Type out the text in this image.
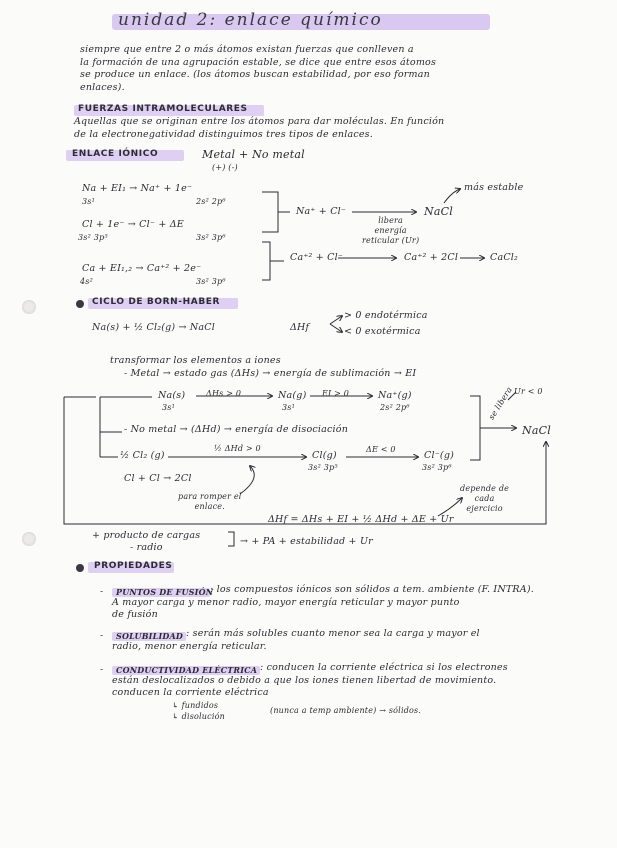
unidad 2: enlace químico
siempre que entre 2 o más átomos existan fuerzas que conlleven a
la formación de una agrupación estable, se dice que entre esos átomos
se produce un enlace. (los átomos buscan estabilidad, por eso forman
enlaces).
FUERZAS INTRAMOLECULARES
Aquellas que se originan entre los átomos para dar moléculas. En función
de la electronegatividad distinguimos tres tipos de enlaces.
ENLACE IÓNICO	Metal + No metal
(+) (-)
Na + EI₁ → Na⁺ + 1e⁻
3s¹	2s² 2p⁶
Cl + 1e⁻ → Cl⁻ + ΔE
3s² 3p⁵	3s² 3p⁶
Ca + EI₁,₂ → Ca⁺² + 2e⁻
4s²	3s² 3p⁶
Na⁺ + Cl⁻	NaCl
más estable
libera
energía
reticular (Ur)
Ca⁺² + Cl⁻	Ca⁺² + 2Cl	CaCl₂
CICLO DE BORN-HABER
Na(s) + ½ Cl₂(g) → NaCl	ΔHf
> 0 endotérmica
< 0 exotérmica
transformar los elementos a iones
- Metal → estado gas (ΔHs) → energía de sublimación → EI
Na(s)
3s¹
ΔHs > 0	Na(g)
3s¹
EI > 0	Na⁺(g)
2s² 2p⁶
Ur < 0
se libera
NaCl
- No metal → (ΔHd) → energía de disociación
½ Cl₂ (g)
½ ΔHd > 0
Cl(g)
3s² 3p⁵
ΔE < 0
Cl⁻(g)
3s² 3p⁶
Cl + Cl → 2Cl
para romper el
enlace.
depende de
cada
ejercicio
ΔHf = ΔHs + EI + ½ ΔHd + ΔE + Ur
+ producto de cargas
- radio
→ + PA + estabilidad + Ur
PROPIEDADES
- PUNTOS DE FUSIÓN
: los compuestos iónicos son sólidos a tem. ambiente (F. INTRA).
A mayor carga y menor radio, mayor energía reticular y mayor punto
de fusión
- SOLUBILIDAD : serán más solubles cuanto menor sea la carga y mayor el
radio, menor energía reticular.
- CONDUCTIVIDAD ELÉCTRICA : conducen la corriente eléctrica si los electrones
están deslocalizados o debido a que los iones tienen libertad de movimiento.
conducen la corriente eléctrica
↳ fundidos
↳ disolución
(nunca a temp ambiente) → sólidos.
